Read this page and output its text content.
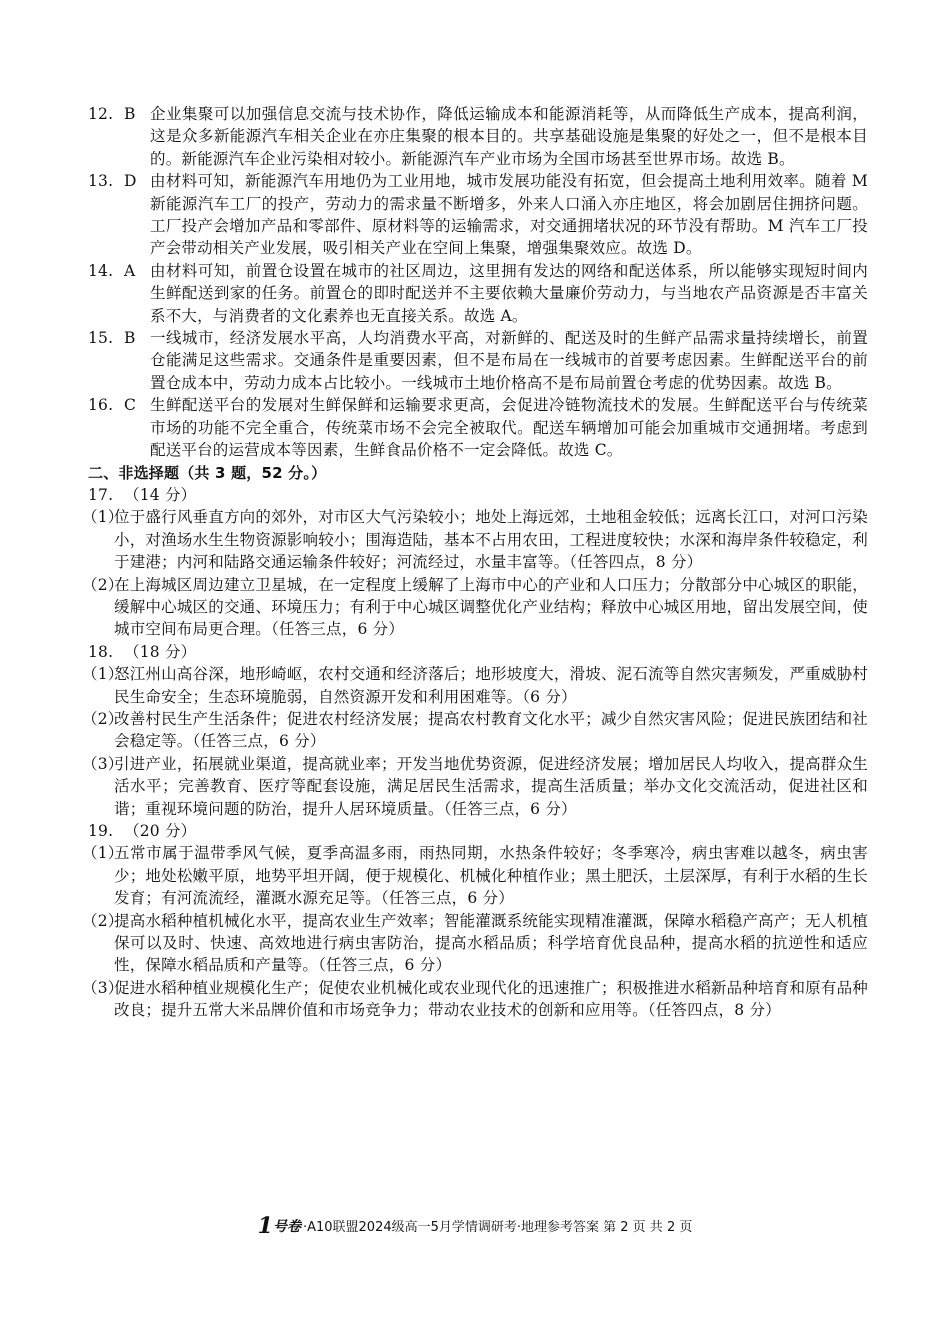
12. B 企业集聚可以加强信息交流与技术协作，降低运输成本和能源消耗等，从而降低生产成本，提高利润，这是众多新能源汽车相关企业在亦庄集聚的根本目的。共享基础设施是集聚的好处之一，但不是根本目的。新能源汽车企业污染相对较小。新能源汽车产业市场为全国市场甚至世界市场。故选 B。
13. D 由材料可知，新能源汽车用地仍为工业用地，城市发展功能没有拓宽，但会提高土地利用效率。随着 M 新能源汽车工厂的投产，劳动力的需求量不断增多，外来人口涌入亦庄地区，将会加剧居住拥挤问题。工厂投产会增加产品和零部件、原材料等的运输需求，对交通拥堵状况的环节没有帮助。M 汽车工厂投产会带动相关产业发展，吸引相关产业在空间上集聚，增强集聚效应。故选 D。
14. A 由材料可知，前置仓设置在城市的社区周边，这里拥有发达的网络和配送体系，所以能够实现短时间内生鲜配送到家的任务。前置仓的即时配送并不主要依赖大量廉价劳动力，与当地农产品资源是否丰富关系不大，与消费者的文化素养也无直接关系。故选 A。
15. B 一线城市，经济发展水平高，人均消费水平高，对新鲜的、配送及时的生鲜产品需求量持续增长，前置仓能满足这些需求。交通条件是重要因素，但不是布局在一线城市的首要考虑因素。生鲜配送平台的前置仓成本中，劳动力成本占比较小。一线城市土地价格高不是布局前置仓考虑的优势因素。故选 B。
16. C 生鲜配送平台的发展对生鲜保鲜和运输要求更高，会促进冷链物流技术的发展。生鲜配送平台与传统菜市场的功能不完全重合，传统菜市场不会完全被取代。配送车辆增加可能会加重城市交通拥堵。考虑到配送平台的运营成本等因素，生鲜食品价格不一定会降低。故选 C。
二、非选择题（共 3 题，52 分。）
17. （14 分）
（1）
位于盛行风垂直方向的郊外，对市区大气污染较小；地处上海远郊，土地租金较低；远离长江口，对河口污染小，对渔场水生生物资源影响较小；围海造陆，基本不占用农田，工程进度较快；水深和海岸条件较稳定，利于建港；内河和陆路交通运输条件较好；河流经过，水量丰富等。（任答四点，8 分）
（2）
在上海城区周边建立卫星城，在一定程度上缓解了上海市中心的产业和人口压力；分散部分中心城区的职能，缓解中心城区的交通、环境压力；有利于中心城区调整优化产业结构；释放中心城区用地，留出发展空间，使城市空间布局更合理。（任答三点，6 分）
18. （18 分）
（1）
怒江州山高谷深，地形崎岖，农村交通和经济落后；地形坡度大，滑坡、泥石流等自然灾害频发，严重威胁村民生命安全；生态环境脆弱，自然资源开发和利用困难等。（6 分）
（2）
改善村民生产生活条件；促进农村经济发展；提高农村教育文化水平；减少自然灾害风险；促进民族团结和社会稳定等。（任答三点，6 分）
（3）
引进产业，拓展就业渠道，提高就业率；开发当地优势资源，促进经济发展；增加居民人均收入，提高群众生活水平；完善教育、医疗等配套设施，满足居民生活需求，提高生活质量；举办文化交流活动，促进社区和谐；重视环境问题的防治，提升人居环境质量。（任答三点，6 分）
19. （20 分）
（1）
五常市属于温带季风气候，夏季高温多雨，雨热同期，水热条件较好；冬季寒冷，病虫害难以越冬，病虫害少；地处松嫩平原，地势平坦开阔，便于规模化、机械化种植作业；黑土肥沃，土层深厚，有利于水稻的生长发育；有河流流经，灌溉水源充足等。（任答三点，6 分）
（2）
提高水稻种植机械化水平，提高农业生产效率；智能灌溉系统能实现精准灌溉，保障水稻稳产高产；无人机植保可以及时、快速、高效地进行病虫害防治，提高水稻品质；科学培育优良品种，提高水稻的抗逆性和适应性，保障水稻品质和产量等。（任答三点，6 分）
（3）
促进水稻种植业规模化生产；促使农业机械化或农业现代化的迅速推广；积极推进水稻新品种培育和原有品种改良；提升五常大米品牌价值和市场竞争力；带动农业技术的创新和应用等。（任答四点，8 分）
1 号卷 ·A10联盟2024级高一5月学情调研考·地理参考答案 第 2 页 共 2 页
